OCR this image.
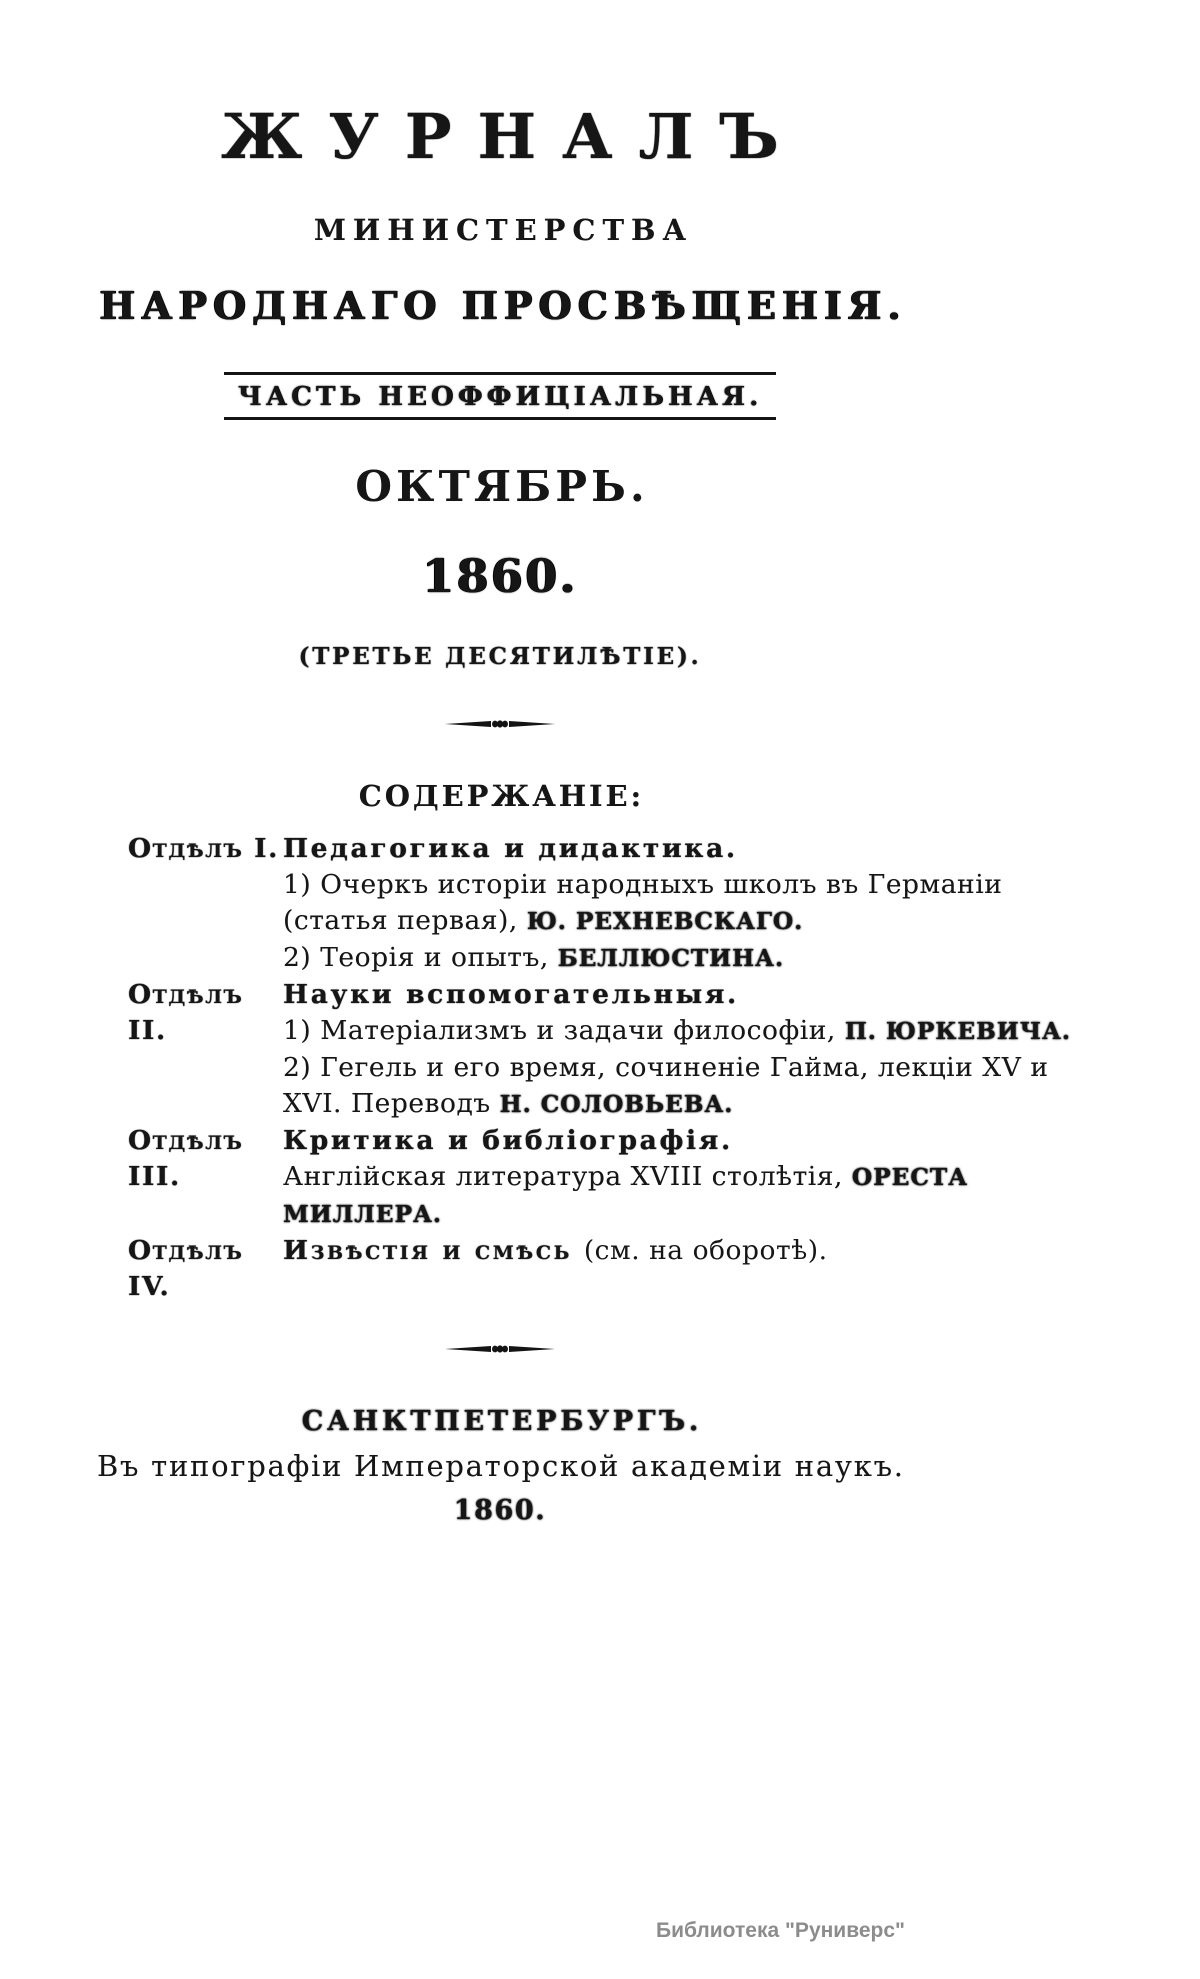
ЖУРНАЛЪ
МИНИСТЕРСТВА
НАРОДНАГО ПРОСВѢЩЕНІЯ.
ЧАСТЬ НЕОФФИЦІАЛЬНАЯ.
ОКТЯБРЬ.
1860.
(ТРЕТЬЕ ДЕСЯТИЛѢТІЕ).
СОДЕРЖАНІЕ:
Отдѣлъ I. Педагогика и дидактика.
1) Очеркъ исторіи народныхъ школъ въ Германіи (статья первая), Ю. РЕХНЕВСКАГО.
2) Теорія и опытъ, БЕЛЛЮСТИНА.
Отдѣлъ II.
Науки вспомогательныя.
1) Матеріализмъ и задачи философіи, П. ЮРКЕВИЧА.
2) Гегель и его время, сочиненіе Гайма, лекціи XV и XVI. Переводъ Н. СОЛОВЬЕВА.
Отдѣлъ III.
Критика и библіографія.
Англійская литература XVIII столѣтія, ОРЕСТА МИЛЛЕРА.
Отдѣлъ IV.
Извѣстія и смѣсь (см. на оборотѣ).
САНКТПЕТЕРБУРГЪ.
Въ типографіи Императорской академіи наукъ.
1860.
Библиотека "Руниверс"
